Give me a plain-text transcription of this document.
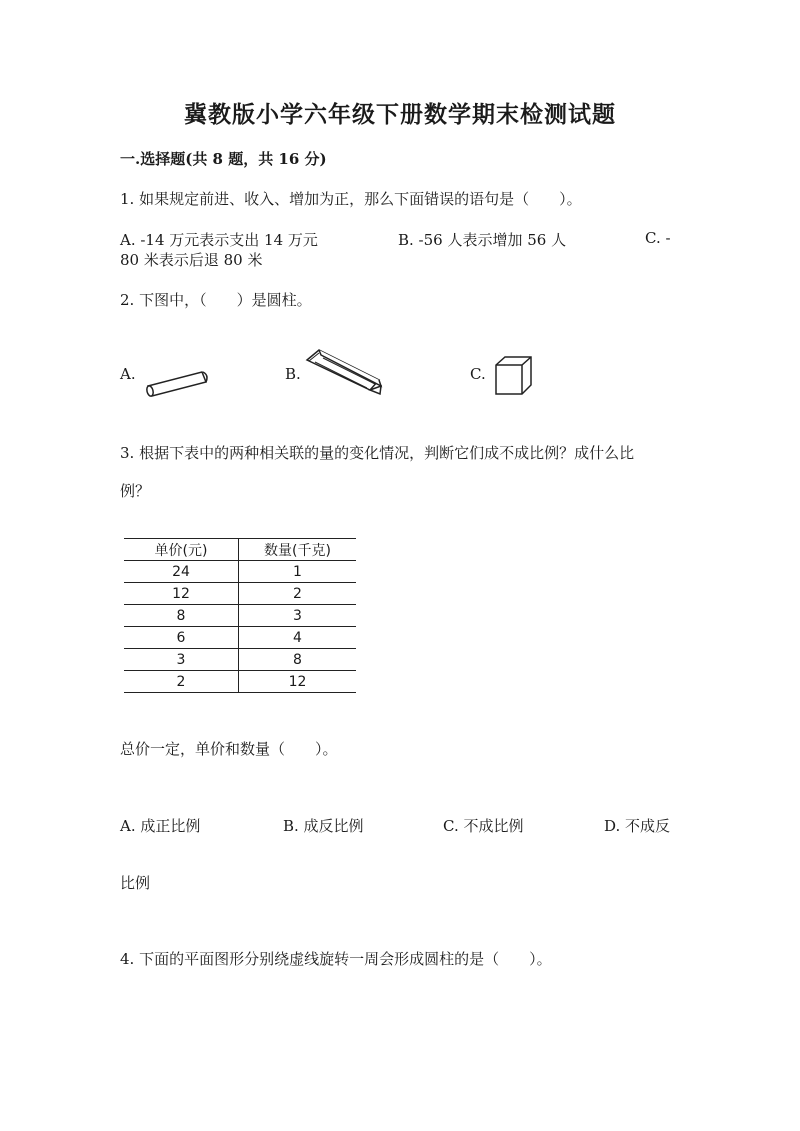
冀教版小学六年级下册数学期末检测试题
一.选择题(共 8 题，共 16 分)
1. 如果规定前进、收入、增加为正，那么下面错误的语句是（　　）。
A. -14 万元表示支出 14 万元	B. -56 人表示增加 56 人	C. -
80 米表示后退 80 米
2. 下图中，（　　）是圆柱。
A.	B.	C.
3. 根据下表中的两种相关联的量的变化情况，判断它们成不成比例？成什么比
例？
单价(元)	数量(千克)
24	1
12	2
8	3
6	4
3	8
2	12
总价一定，单价和数量（　　）。
A. 成正比例	B. 成反比例	C. 不成比例	D. 不成反
比例
4. 下面的平面图形分别绕虚线旋转一周会形成圆柱的是（　　）。
